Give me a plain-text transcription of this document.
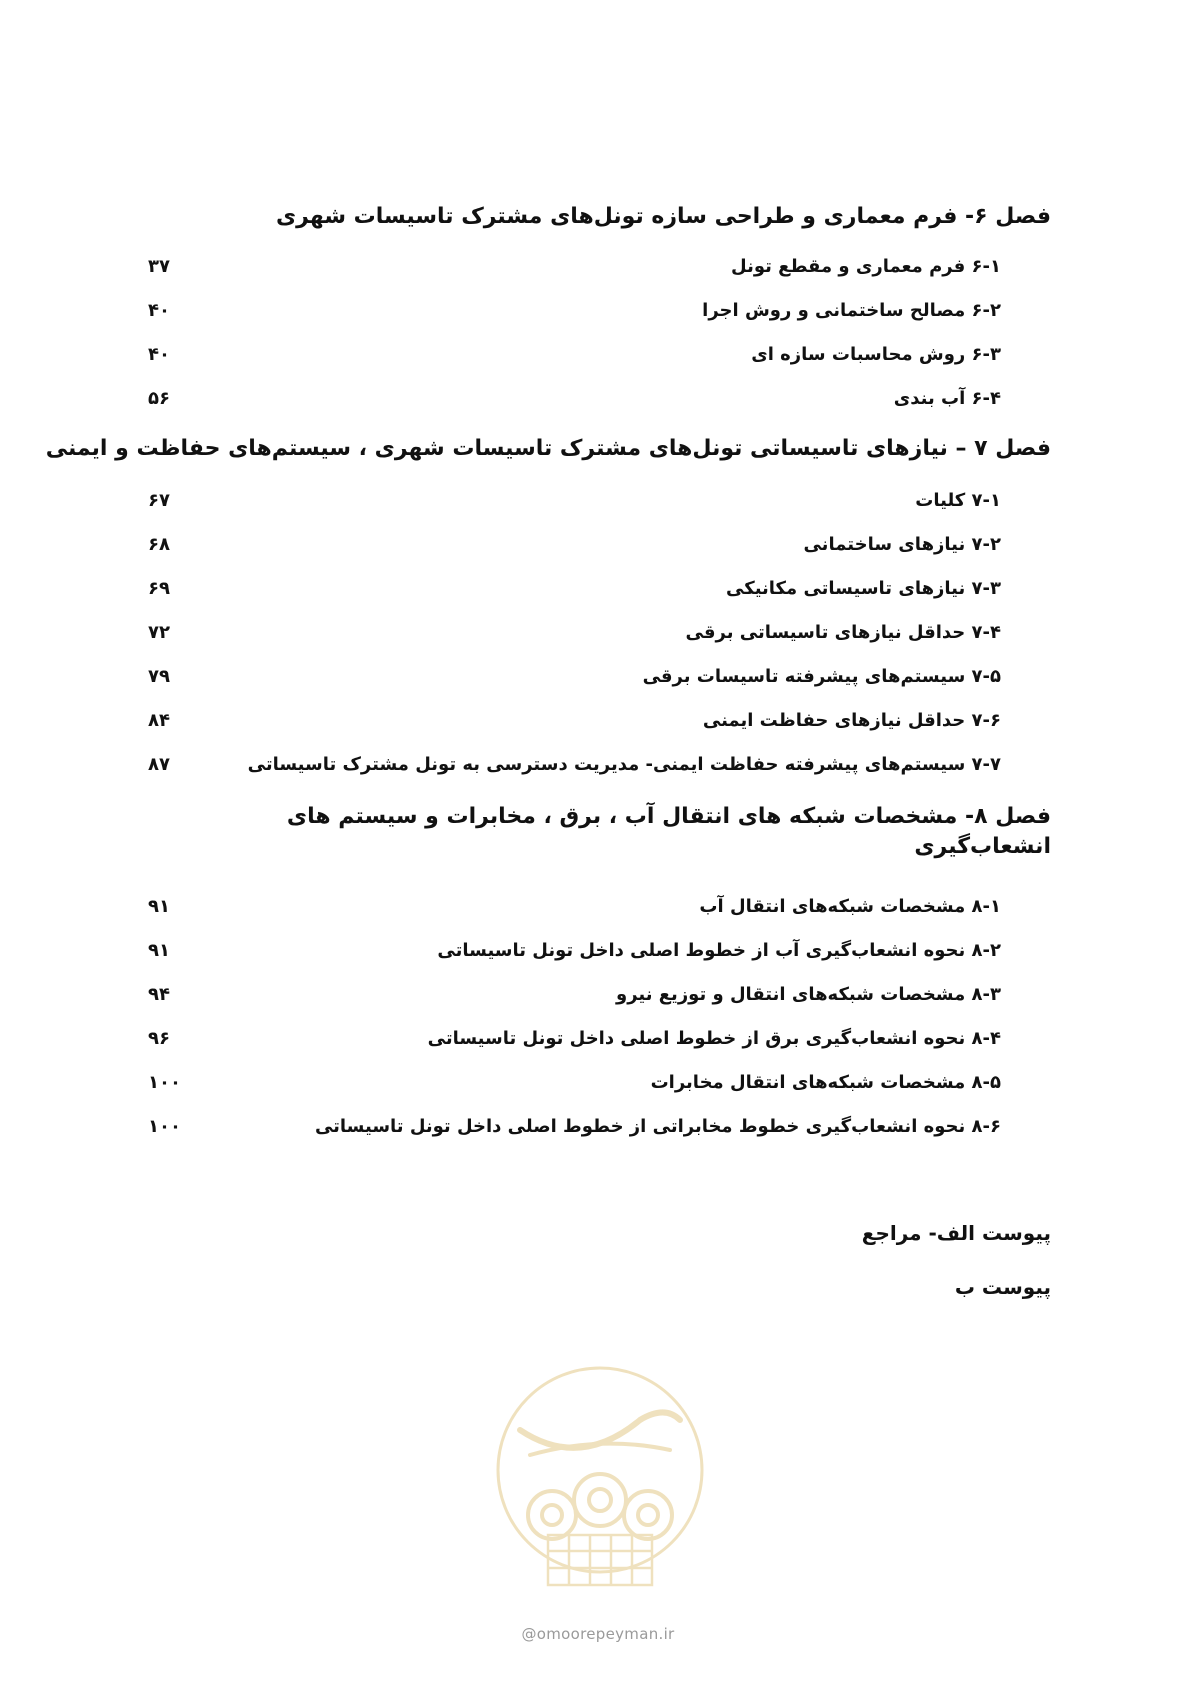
فصل ۶- فرم معماری و طراحی سازه تونل‌های مشترک تاسیسات شهری
۶-۱ فرم معماری و مقطع تونل
۳۷
۶-۲ مصالح ساختمانی و روش اجرا
۴۰
۶-۳ روش محاسبات سازه ای
۴۰
۶-۴ آب بندی
۵۶
فصل ۷ – نیازهای تاسیساتی تونل‌های مشترک تاسیسات شهری ، سیستم‌های حفاظت و ایمنی
۷-۱ کلیات
۶۷
۷-۲ نیازهای ساختمانی
۶۸
۷-۳ نیازهای تاسیساتی مکانیکی
۶۹
۷-۴ حداقل نیازهای تاسیساتی برقی
۷۲
۷-۵ سیستم‌های پیشرفته تاسیسات برقی
۷۹
۷-۶ حداقل نیازهای حفاظت ایمنی
۸۴
۷-۷ سیستم‌های پیشرفته حفاظت ایمنی- مدیریت دسترسی به تونل مشترک تاسیساتی
۸۷
فصل ۸- مشخصات شبکه های انتقال آب ، برق ، مخابرات و سیستم های انشعاب‌گیری
۸-۱ مشخصات شبکه‌های انتقال آب
۹۱
۸-۲ نحوه انشعاب‌گیری آب از خطوط اصلی داخل تونل تاسیساتی
۹۱
۸-۳ مشخصات شبکه‌های انتقال و توزیع نیرو
۹۴
۸-۴ نحوه انشعاب‌گیری برق از خطوط اصلی داخل تونل تاسیساتی
۹۶
۸-۵ مشخصات شبکه‌های انتقال مخابرات
۱۰۰
۸-۶ نحوه انشعاب‌گیری خطوط مخابراتی از خطوط اصلی داخل تونل تاسیساتی
۱۰۰
پیوست الف- مراجع
پیوست ب
@omoorepeyman.ir
